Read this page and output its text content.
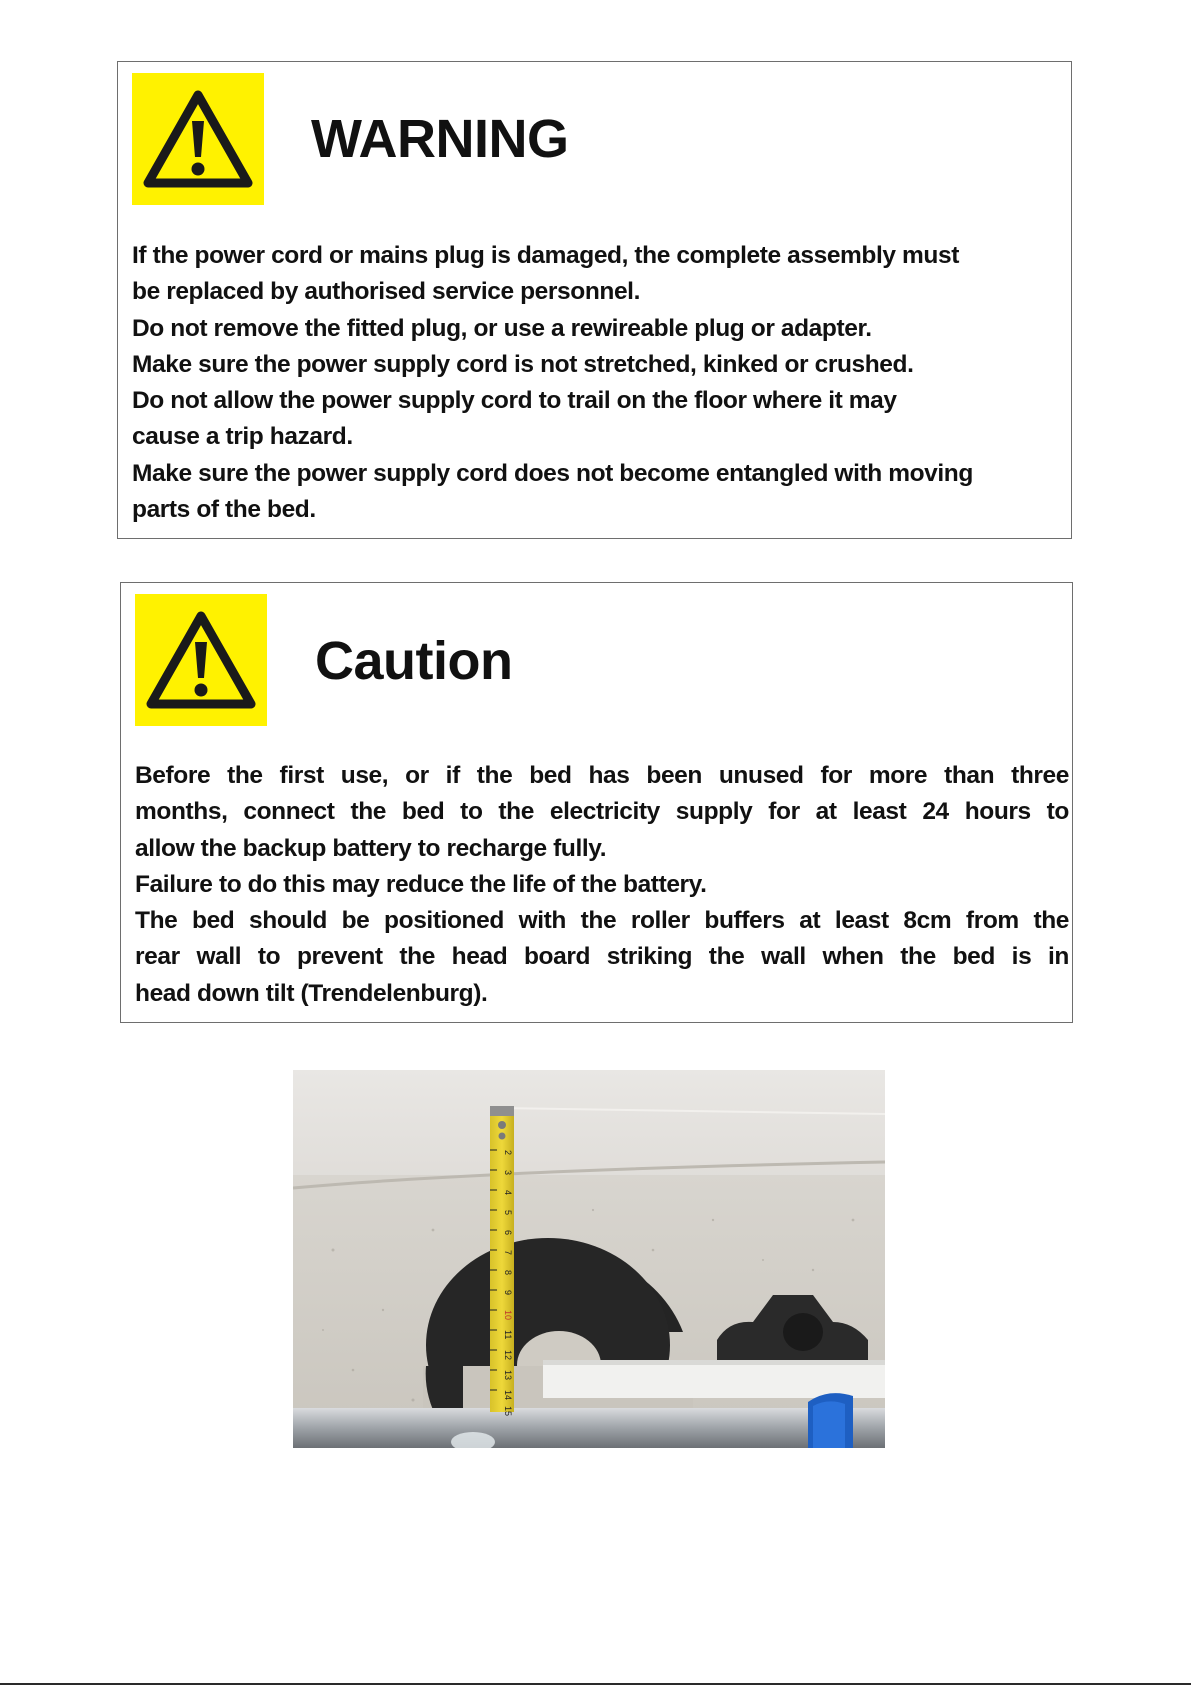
WARNING
If the power cord or mains plug is damaged, the complete assembly must
be replaced by authorised service personnel.
Do not remove the fitted plug, or use a rewireable plug or adapter.
Make sure the power supply cord is not stretched, kinked or crushed.
Do not allow the power supply cord to trail on the floor where it may
cause a trip hazard.
Make sure the power supply cord does not become entangled with moving
parts of the bed.
Caution
Before the first use, or if the bed has been unused for more than three
months, connect the bed to the electricity supply for at least 24 hours to
allow the backup battery to recharge fully.
Failure to do this may reduce the life of the battery.
The bed should be positioned with the roller buffers at least 8cm from the
rear wall to prevent the head board striking the wall when the bed is in
head down tilt (Trendelenburg).
2
3
4
5
6
7
8
9
10
11
12
13
14
15
